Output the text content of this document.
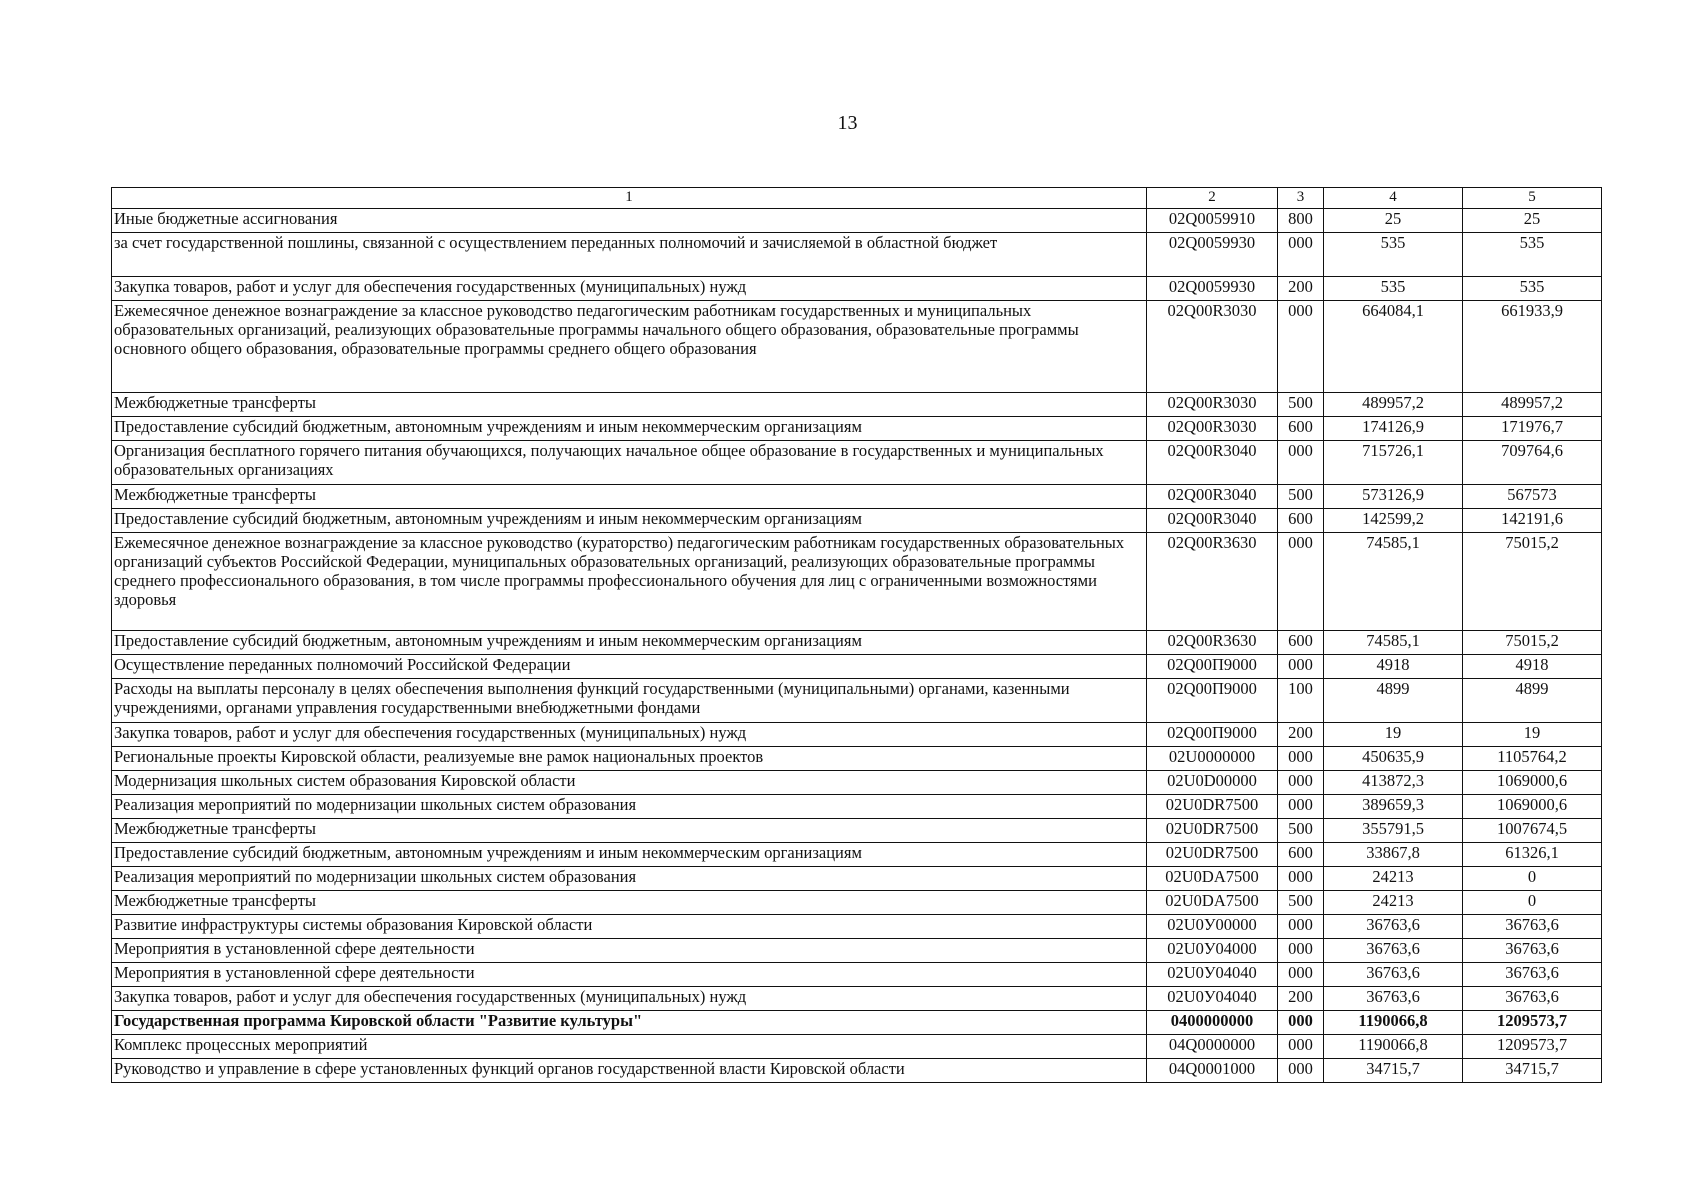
13
1	2	3	4	5
Иные бюджетные ассигнования	02Q0059910	800	25	25
за счет государственной пошлины, связанной с осуществлением переданных полномочий и зачисляемой в областной бюджет	02Q0059930	000	535	535
Закупка товаров, работ и услуг для обеспечения государственных (муниципальных) нужд	02Q0059930	200	535	535
Ежемесячное денежное вознаграждение за классное руководство педагогическим работникам государственных и муниципальных образовательных организаций, реализующих образовательные программы начального общего образования, образовательные программы основного общего образования, образовательные программы среднего общего образования	02Q00R3030	000	664084,1	661933,9
Межбюджетные трансферты	02Q00R3030	500	489957,2	489957,2
Предоставление субсидий бюджетным, автономным учреждениям и иным некоммерческим организациям	02Q00R3030	600	174126,9	171976,7
Организация бесплатного горячего питания обучающихся, получающих начальное общее образование в государственных и муниципальных образовательных организациях	02Q00R3040	000	715726,1	709764,6
Межбюджетные трансферты	02Q00R3040	500	573126,9	567573
Предоставление субсидий бюджетным, автономным учреждениям и иным некоммерческим организациям	02Q00R3040	600	142599,2	142191,6
Ежемесячное денежное вознаграждение за классное руководство (кураторство) педагогическим работникам государственных образовательных организаций субъектов Российской Федерации, муниципальных образовательных организаций, реализующих образовательные программы среднего профессионального образования, в том числе программы профессионального обучения для лиц с ограниченными возможностями здоровья	02Q00R3630	000	74585,1	75015,2
Предоставление субсидий бюджетным, автономным учреждениям и иным некоммерческим организациям	02Q00R3630	600	74585,1	75015,2
Осуществление переданных полномочий Российской Федерации	02Q00П9000	000	4918	4918
Расходы на выплаты персоналу в целях обеспечения выполнения функций государственными (муниципальными) органами, казенными учреждениями, органами управления государственными внебюджетными фондами	02Q00П9000	100	4899	4899
Закупка товаров, работ и услуг для обеспечения государственных (муниципальных) нужд	02Q00П9000	200	19	19
Региональные проекты Кировской области, реализуемые вне рамок национальных проектов	02U0000000	000	450635,9	1105764,2
Модернизация школьных систем образования Кировской области	02U0D00000	000	413872,3	1069000,6
Реализация мероприятий по модернизации школьных систем образования	02U0DR7500	000	389659,3	1069000,6
Межбюджетные трансферты	02U0DR7500	500	355791,5	1007674,5
Предоставление субсидий бюджетным, автономным учреждениям и иным некоммерческим организациям	02U0DR7500	600	33867,8	61326,1
Реализация мероприятий по модернизации школьных систем образования	02U0DA7500	000	24213	0
Межбюджетные трансферты	02U0DA7500	500	24213	0
Развитие инфраструктуры системы образования Кировской области	02U0У00000	000	36763,6	36763,6
Мероприятия в установленной сфере деятельности	02U0У04000	000	36763,6	36763,6
Мероприятия в установленной сфере деятельности	02U0У04040	000	36763,6	36763,6
Закупка товаров, работ и услуг для обеспечения государственных (муниципальных) нужд	02U0У04040	200	36763,6	36763,6
Государственная программа Кировской области "Развитие культуры"	0400000000	000	1190066,8	1209573,7
Комплекс процессных мероприятий	04Q0000000	000	1190066,8	1209573,7
Руководство и управление в сфере установленных функций органов государственной власти Кировской области	04Q0001000	000	34715,7	34715,7
